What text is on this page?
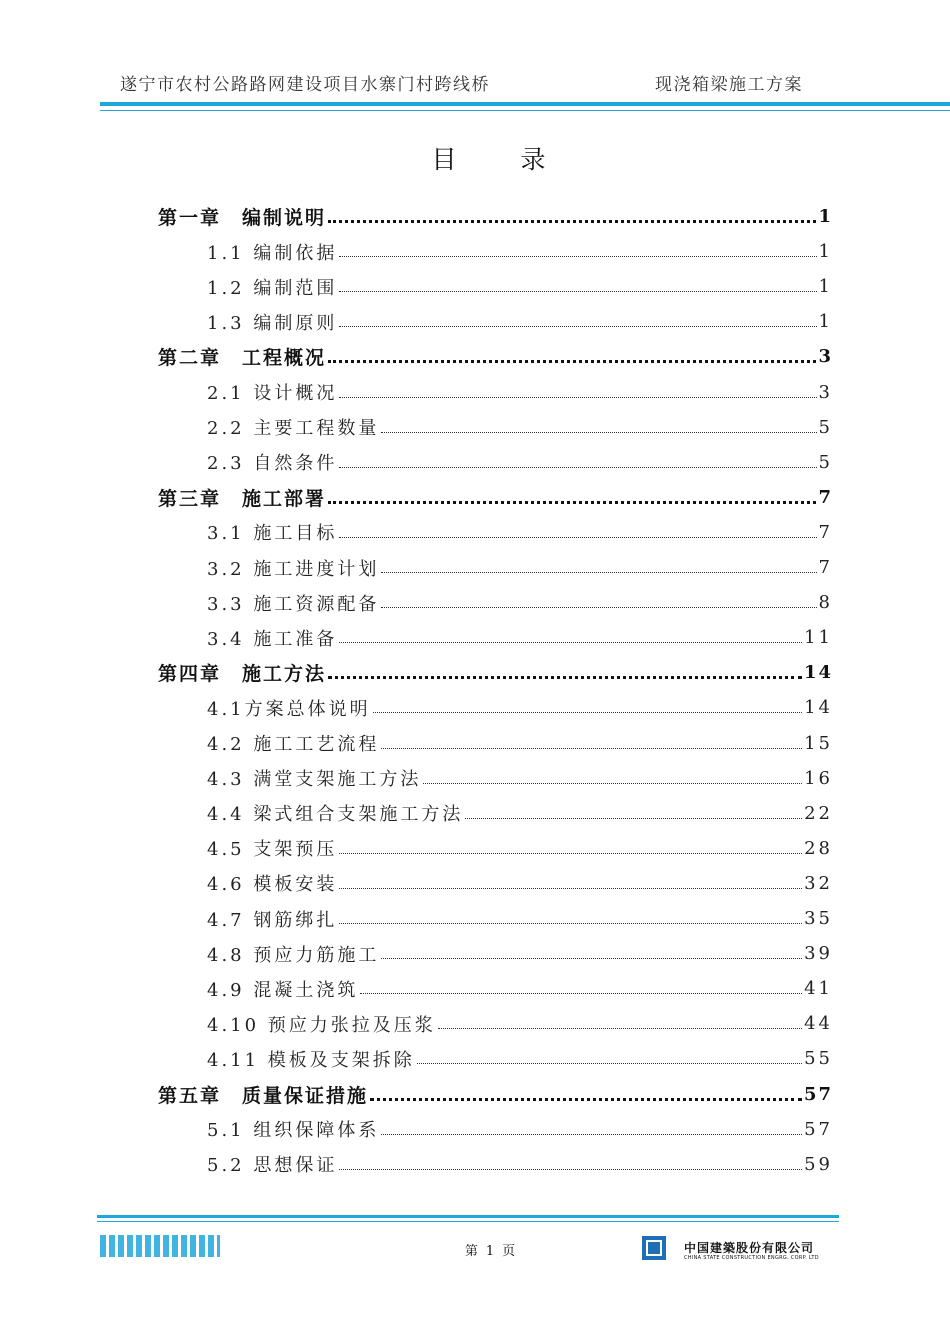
遂宁市农村公路路网建设项目水寨门村跨线桥	现浇箱梁施工方案
目 录
第一章　编制说明	1
1.1 编制依据	1
1.2 编制范围	1
1.3 编制原则	1
第二章　工程概况	3
2.1 设计概况	3
2.2 主要工程数量	5
2.3 自然条件	5
第三章　施工部署	7
3.1 施工目标	7
3.2 施工进度计划	7
3.3 施工资源配备	8
3.4 施工准备	11
第四章　施工方法	14
4.1方案总体说明	14
4.2 施工工艺流程	15
4.3 满堂支架施工方法	16
4.4 梁式组合支架施工方法	22
4.5 支架预压	28
4.6 模板安装	32
4.7 钢筋绑扎	35
4.8 预应力筋施工	39
4.9 混凝土浇筑	41
4.10 预应力张拉及压浆	44
4.11 模板及支架拆除	55
第五章　质量保证措施	57
5.1 组织保障体系	57
5.2 思想保证	59
第 1 页	中国建築股份有限公司
CHINA STATE CONSTRUCTION ENGRG. CORP. LTD
